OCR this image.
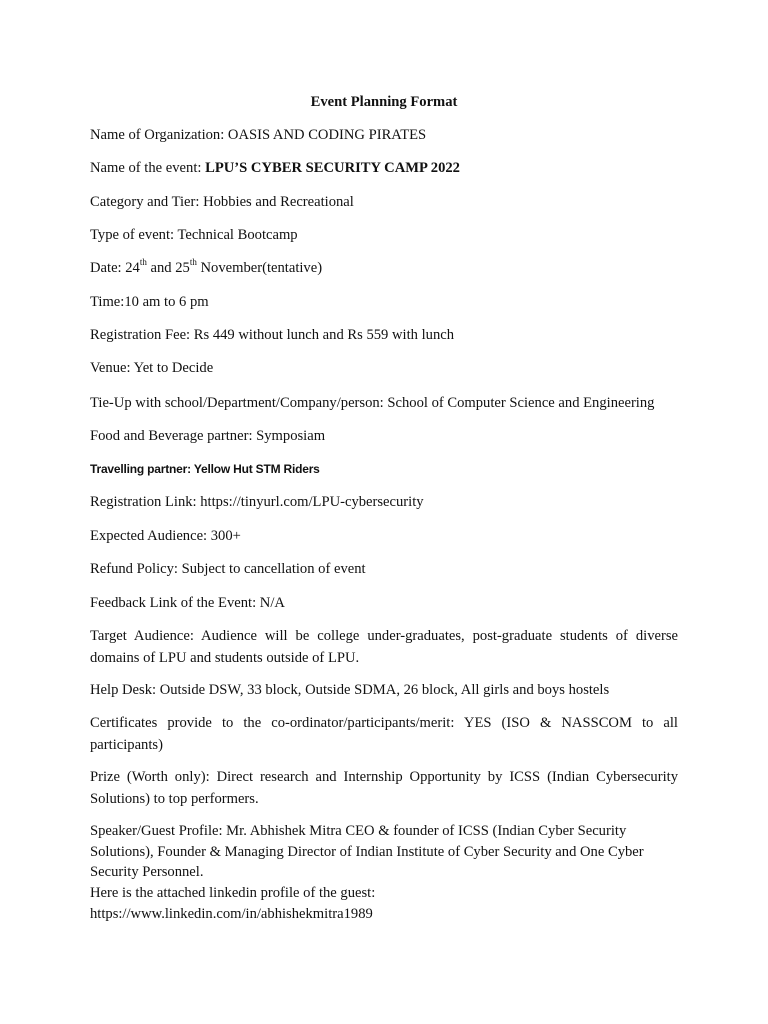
Event Planning Format
Name of Organization: OASIS AND CODING PIRATES
Name of the event: LPU’S CYBER SECURITY CAMP 2022
Category and Tier: Hobbies and Recreational
Type of event: Technical Bootcamp
Date: 24th and 25th November(tentative)
Time:10 am to 6 pm
Registration Fee: Rs 449 without lunch and Rs 559 with lunch
Venue: Yet to Decide
Tie-Up with school/Department/Company/person: School of Computer Science and Engineering
Food and Beverage partner: Symposiam
Travelling partner: Yellow Hut STM Riders
Registration Link: https://tinyurl.com/LPU-cybersecurity
Expected Audience: 300+
Refund Policy: Subject to cancellation of event
Feedback Link of the Event: N/A
Target Audience: Audience will be college under-graduates, post-graduate students of diverse domains of LPU and students outside of LPU.
Help Desk: Outside DSW, 33 block, Outside SDMA, 26 block, All girls and boys hostels
Certificates provide to the co-ordinator/participants/merit: YES (ISO & NASSCOM to all participants)
Prize (Worth only): Direct research and Internship Opportunity by ICSS (Indian Cybersecurity Solutions) to top performers.
Speaker/Guest Profile: Mr. Abhishek Mitra CEO & founder of ICSS (Indian Cyber Security Solutions), Founder & Managing Director of Indian Institute of Cyber Security and One Cyber Security Personnel.
Here is the attached linkedin profile of the guest:
https://www.linkedin.com/in/abhishekmitra1989
